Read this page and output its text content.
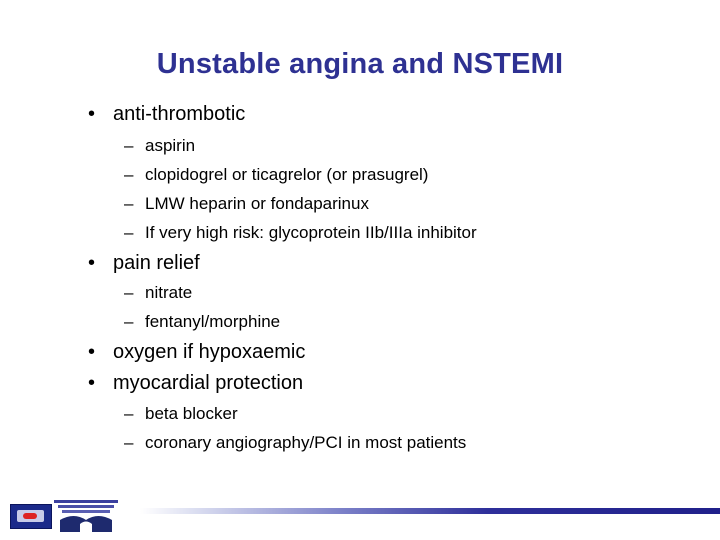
Unstable angina and NSTEMI
• anti-thrombotic
– aspirin
– clopidogrel or ticagrelor (or prasugrel)
– LMW heparin or fondaparinux
– If very high risk: glycoprotein IIb/IIIa inhibitor
• pain relief
– nitrate
– fentanyl/morphine
• oxygen if hypoxaemic
• myocardial protection
– beta blocker
– coronary angiography/PCI in most patients
